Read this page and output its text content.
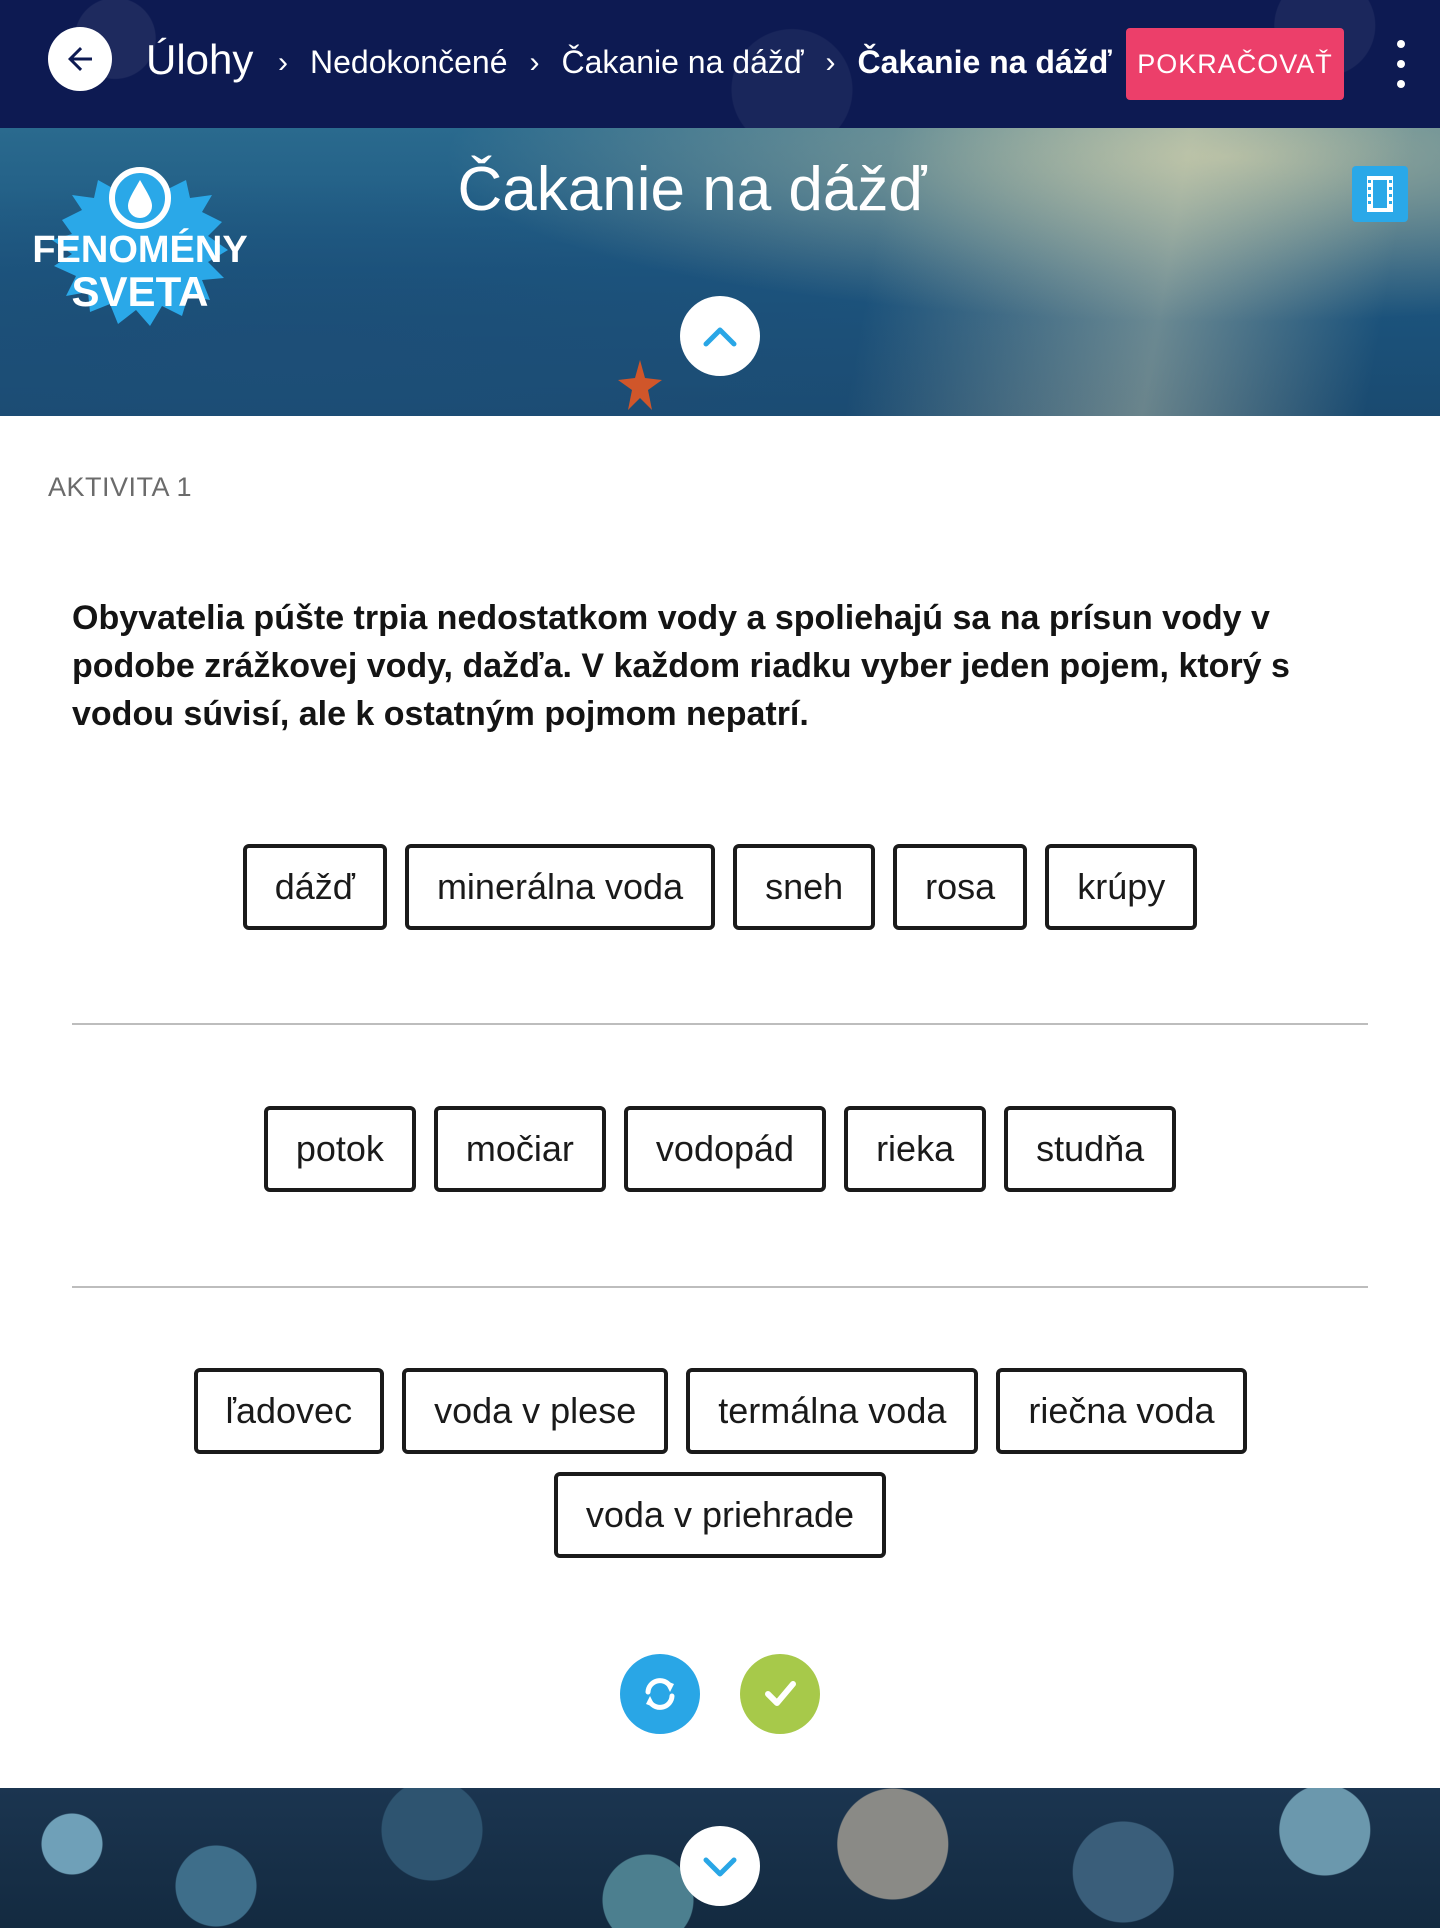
Úlohy › Nedokončené › Čakanie na dážď › Čakanie na dážď POKRAČOVAŤ
FENOMÉNY
SVETA
Čakanie na dážď
AKTIVITA 1

Obyvatelia púšte trpia nedostatkom vody a spoliehajú sa na prísun vody v podobe zrážkovej vody, dažďa. V každom riadku vyber jeden pojem, ktorý s vodou súvisí, ale k ostatným pojmom nepatrí.

dážď	minerálna voda	sneh	rosa	krúpy
potok	močiar	vodopád	rieka	studňa
ľadovec	voda v plese	termálna voda	riečna voda
voda v priehrade
